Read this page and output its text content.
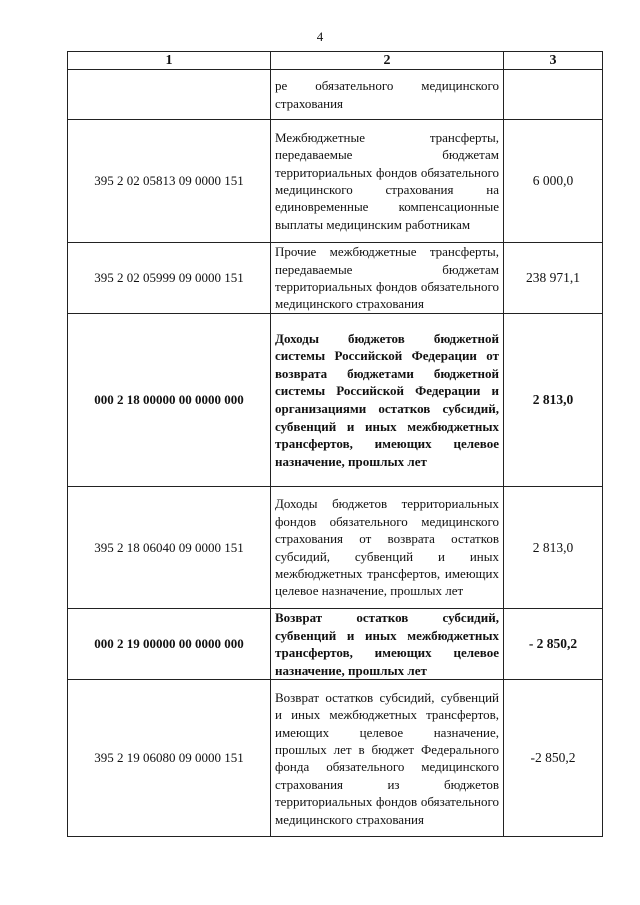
4
1	2	3
	ре обязательного медицинского страхования	
395 2 02 05813 09 0000 151	Межбюджетные трансферты, передаваемые бюджетам территориальных фондов обязательного медицинского страхования на единовременные компенсационные выплаты медицинским работникам	6 000,0
395 2 02 05999 09 0000 151	Прочие межбюджетные трансферты, передаваемые бюджетам территориальных фондов обязательного медицинского страхования	238 971,1
000 2 18 00000 00 0000 000	Доходы бюджетов бюджетной системы Российской Федерации от возврата бюджетами бюджетной системы Российской Федерации и организациями остатков субсидий, субвенций и иных межбюджетных трансфертов, имеющих целевое назначение, прошлых лет	2 813,0
395 2 18 06040 09 0000 151	Доходы бюджетов территориальных фондов обязательного медицинского страхования от возврата остатков субсидий, субвенций и иных межбюджетных трансфертов, имеющих целевое назначение, прошлых лет	2 813,0
000 2 19 00000 00 0000 000	Возврат остатков субсидий, субвенций и иных межбюджетных трансфертов, имеющих целевое назначение, прошлых лет	- 2 850,2
395 2 19 06080 09 0000 151	Возврат остатков субсидий, субвенций и иных межбюджетных трансфертов, имеющих целевое назначение, прошлых лет в бюджет Федерального фонда обязательного медицинского страхования из бюджетов территориальных фондов обязательного медицинского страхования	-2 850,2
